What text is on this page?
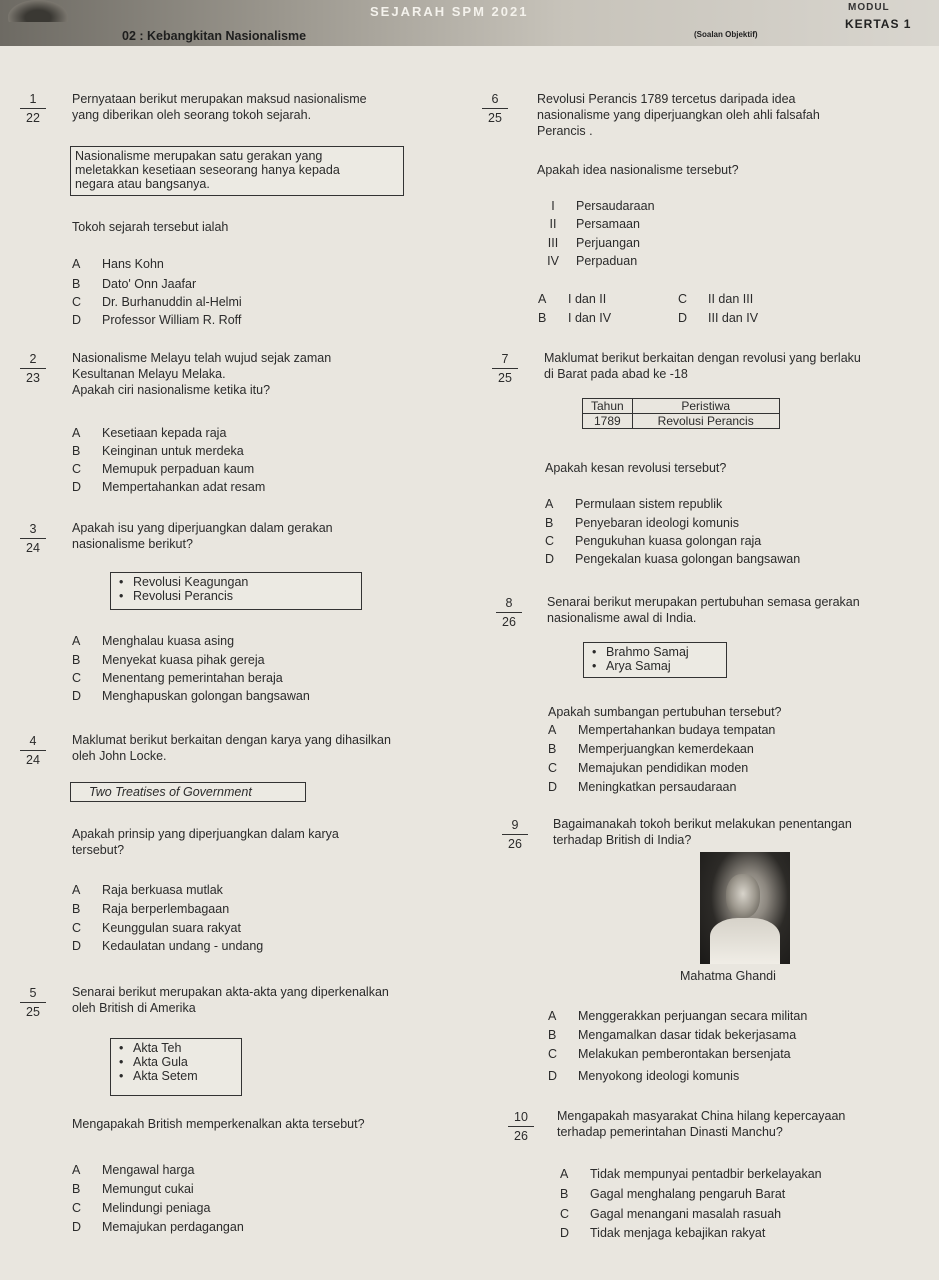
SEJARAH SPM 2021
02 : Kebangkitan Nasionalisme	(Soalan Objektif)
MODUL
KERTAS 1
1
22
Pernyataan berikut merupakan maksud nasionalisme
yang diberikan oleh seorang tokoh sejarah.
Nasionalisme merupakan satu gerakan yang
meletakkan kesetiaan seseorang hanya kepada
negara atau bangsanya.
Tokoh sejarah tersebut ialah
A Hans Kohn
B Dato' Onn Jaafar
C Dr. Burhanuddin al-Helmi
D Professor William R. Roff
2
23
Nasionalisme Melayu telah wujud sejak zaman
Kesultanan Melayu Melaka.
Apakah ciri nasionalisme ketika itu?
A Kesetiaan kepada raja
B Keinginan untuk merdeka
C Memupuk perpaduan kaum
D Mempertahankan adat resam
3
24
Apakah isu yang diperjuangkan dalam gerakan
nasionalisme berikut?
• Revolusi Keagungan
• Revolusi Perancis
A Menghalau kuasa asing
B Menyekat kuasa pihak gereja
C Menentang pemerintahan beraja
D Menghapuskan golongan bangsawan
4
24
Maklumat berikut berkaitan dengan karya yang dihasilkan
oleh John Locke.
Two Treatises of Government
Apakah prinsip yang diperjuangkan dalam karya
tersebut?
A Raja berkuasa mutlak
B Raja berperlembagaan
C Keunggulan suara rakyat
D Kedaulatan undang - undang
5
25
Senarai berikut merupakan akta-akta yang diperkenalkan
oleh British di Amerika
• Akta Teh
• Akta Gula
• Akta Setem
Mengapakah British memperkenalkan akta tersebut?
A Mengawal harga
B Memungut cukai
C Melindungi peniaga
D Memajukan perdagangan
6
25
Revolusi Perancis 1789 tercetus daripada idea
nasionalisme yang diperjuangkan oleh ahli falsafah
Perancis .
Apakah idea nasionalisme tersebut?
I Persaudaraan
II Persamaan
III Perjuangan
IV Perpaduan
A I dan II
B I dan IV
C II dan III
D III dan IV
7
25
Maklumat berikut berkaitan dengan revolusi yang berlaku
di Barat pada abad ke -18
Tahun	Peristiwa
1789	Revolusi Perancis
Apakah kesan revolusi tersebut?
A Permulaan sistem republik
B Penyebaran ideologi komunis
C Pengukuhan kuasa golongan raja
D Pengekalan kuasa golongan bangsawan
8
26
Senarai berikut merupakan pertubuhan semasa gerakan
nasionalisme awal di India.
• Brahmo Samaj
• Arya Samaj
Apakah sumbangan pertubuhan tersebut?
A Mempertahankan budaya tempatan
B Memperjuangkan kemerdekaan
C Memajukan pendidikan moden
D Meningkatkan persaudaraan
9
26
Bagaimanakah tokoh berikut melakukan penentangan
terhadap British di India?
Mahatma Ghandi
A Menggerakkan perjuangan secara militan
B Mengamalkan dasar tidak bekerjasama
C Melakukan pemberontakan bersenjata
D Menyokong ideologi komunis
10
26
Mengapakah masyarakat China hilang kepercayaan
terhadap pemerintahan Dinasti Manchu?
A Tidak mempunyai pentadbir berkelayakan
B Gagal menghalang pengaruh Barat
C Gagal menangani masalah rasuah
D Tidak menjaga kebajikan rakyat
